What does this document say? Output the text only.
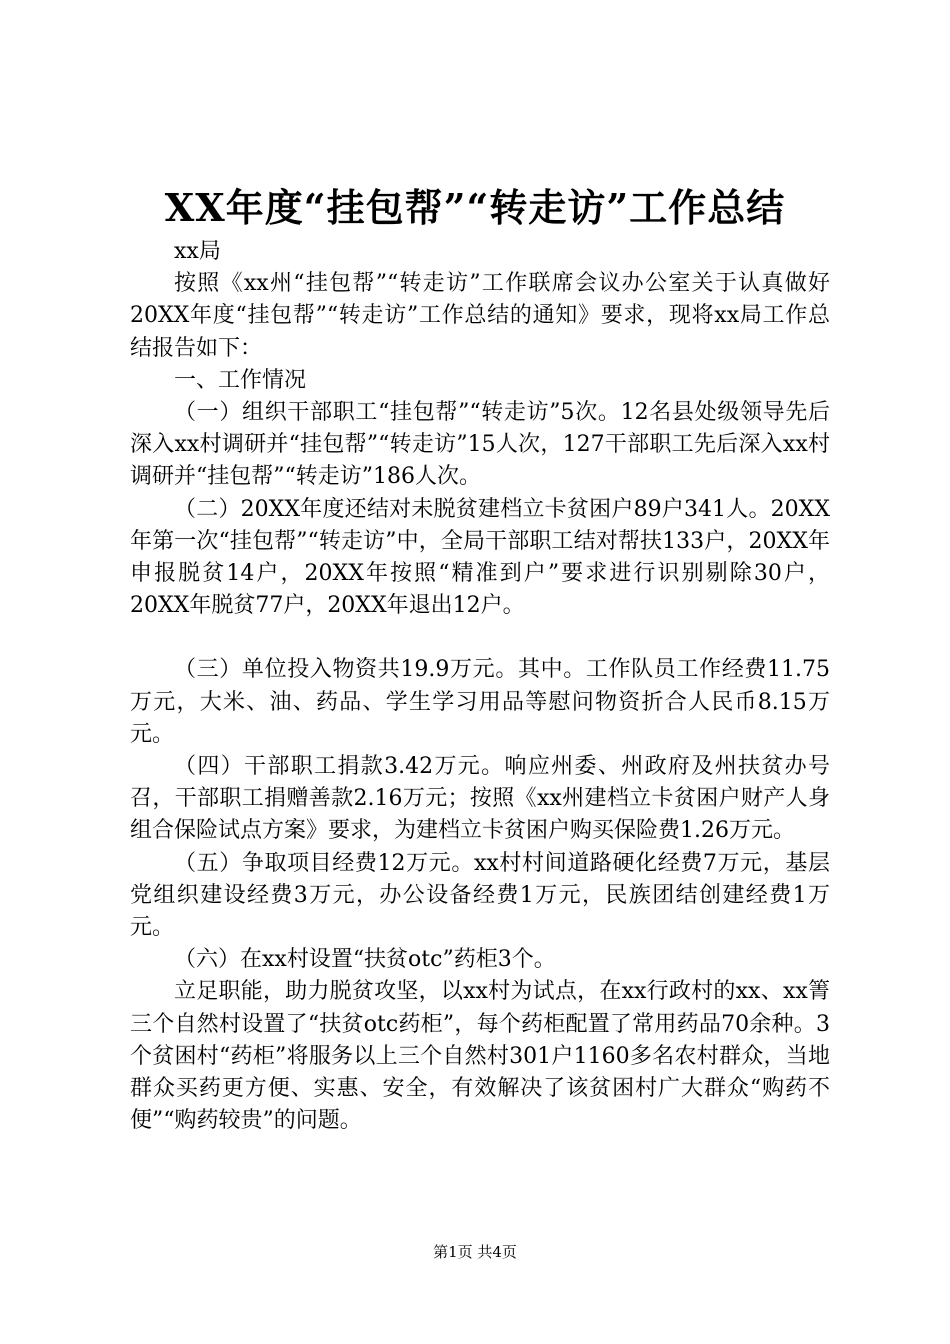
XX年度“挂包帮”“转走访”工作总结

xx局

按照《xx州“挂包帮”“转走访”工作联席会议办公室关于认真做好20XX年度“挂包帮”“转走访”工作总结的通知》要求，现将xx局工作总结报告如下：

一、工作情况

（一）组织干部职工“挂包帮”“转走访”5次。12名县处级领导先后深入xx村调研并“挂包帮”“转走访”15人次，127干部职工先后深入xx村调研并“挂包帮”“转走访”186人次。

（二）20XX年度还结对未脱贫建档立卡贫困户89户341人。20XX年第一次“挂包帮”“转走访”中，全局干部职工结对帮扶133户，20XX年申报脱贫14户，20XX年按照“精准到户”要求进行识别剔除30户，20XX年脱贫77户，20XX年退出12户。

（三）单位投入物资共19.9万元。其中。工作队员工作经费11.75万元，大米、油、药品、学生学习用品等慰问物资折合人民币8.15万元。

（四）干部职工捐款3.42万元。响应州委、州政府及州扶贫办号召，干部职工捐赠善款2.16万元；按照《xx州建档立卡贫困户财产人身组合保险试点方案》要求，为建档立卡贫困户购买保险费1.26万元。

（五）争取项目经费12万元。xx村村间道路硬化经费7万元，基层党组织建设经费3万元，办公设备经费1万元，民族团结创建经费1万元。

（六）在xx村设置“扶贫otc”药柜3个。

立足职能，助力脱贫攻坚，以xx村为试点，在xx行政村的xx、xx箐三个自然村设置了“扶贫otc药柜”，每个药柜配置了常用药品70余种。3个贫困村“药柜”将服务以上三个自然村301户1160多名农村群众，当地群众买药更方便、实惠、安全，有效解决了该贫困村广大群众“购药不便”“购药较贵”的问题。

第1页 共4页
